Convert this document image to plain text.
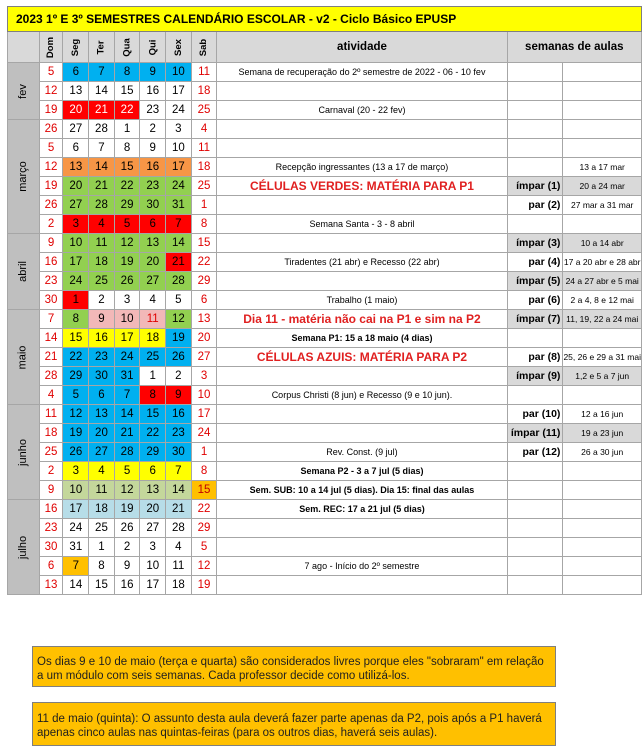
2023 1º E 3º SEMESTRES CALENDÁRIO ESCOLAR - v2 - Ciclo Básico EPUSP										
	Dom	Seg	Ter	Qua	Qui	Sex	Sab	atividade	semanas de aulas	
fev	5	6	7	8	9	10	11	Semana de recuperação do 2º semestre de 2022 - 06 - 10 fev		
	12	13	14	15	16	17	18			
	19	20	21	22	23	24	25	Carnaval (20 - 22 fev)		
março	26	27	28	1	2	3	4			
	5	6	7	8	9	10	11			
	12	13	14	15	16	17	18	Recepção ingressantes (13 a 17 de março)		13 a 17 mar
	19	20	21	22	23	24	25	CÉLULAS VERDES: MATÉRIA PARA P1	ímpar (1)	20 a 24 mar
	26	27	28	29	30	31	1		par (2)	27 mar a 31 mar
	2	3	4	5	6	7	8	Semana Santa - 3 - 8 abril		
abril	9	10	11	12	13	14	15		ímpar (3)	10 a 14 abr
	16	17	18	19	20	21	22	Tiradentes (21 abr) e Recesso (22 abr)	par (4)	17 a 20 abr e 28 abr
	23	24	25	26	27	28	29		ímpar (5)	24 a 27 abr e 5 mai
	30	1	2	3	4	5	6	Trabalho (1 maio)	par (6)	2 a 4, 8 e 12 mai
maio	7	8	9	10	11	12	13	Dia 11 - matéria não cai na P1 e sim na P2	ímpar (7)	11, 19, 22 a 24 mai
	14	15	16	17	18	19	20	Semana P1: 15 a 18 maio (4 dias)		
	21	22	23	24	25	26	27	CÉLULAS AZUIS: MATÉRIA PARA P2	par (8)	25, 26 e 29 a 31 mai
	28	29	30	31	1	2	3		ímpar (9)	1,2 e 5 a 7 jun
	4	5	6	7	8	9	10	Corpus Christi (8 jun) e Recesso (9 e 10 jun).		
junho	11	12	13	14	15	16	17		par (10)	12 a 16 jun
	18	19	20	21	22	23	24		ímpar (11)	19 a 23 jun
	25	26	27	28	29	30	1	Rev. Const. (9 jul)	par (12)	26 a 30 jun
	2	3	4	5	6	7	8	Semana P2 - 3 a 7 jul (5 dias)		
	9	10	11	12	13	14	15	Sem. SUB: 10 a 14 jul (5 dias). Dia 15: final das aulas		
julho	16	17	18	19	20	21	22	Sem. REC: 17 a 21 jul (5 dias)		
	23	24	25	26	27	28	29			
	30	31	1	2	3	4	5			
	6	7	8	9	10	11	12	7 ago - Início do 2º semestre		
	13	14	15	16	17	18	19			
Os dias 9 e 10 de maio (terça e quarta) são considerados livres porque eles "sobraram" em relação a um módulo com seis semanas. Cada professor decide como utilizá-los.
11 de maio (quinta): O assunto desta aula deverá fazer parte apenas da P2, pois após a P1 haverá apenas cinco aulas nas quintas-feiras (para os outros dias, haverá seis aulas).
